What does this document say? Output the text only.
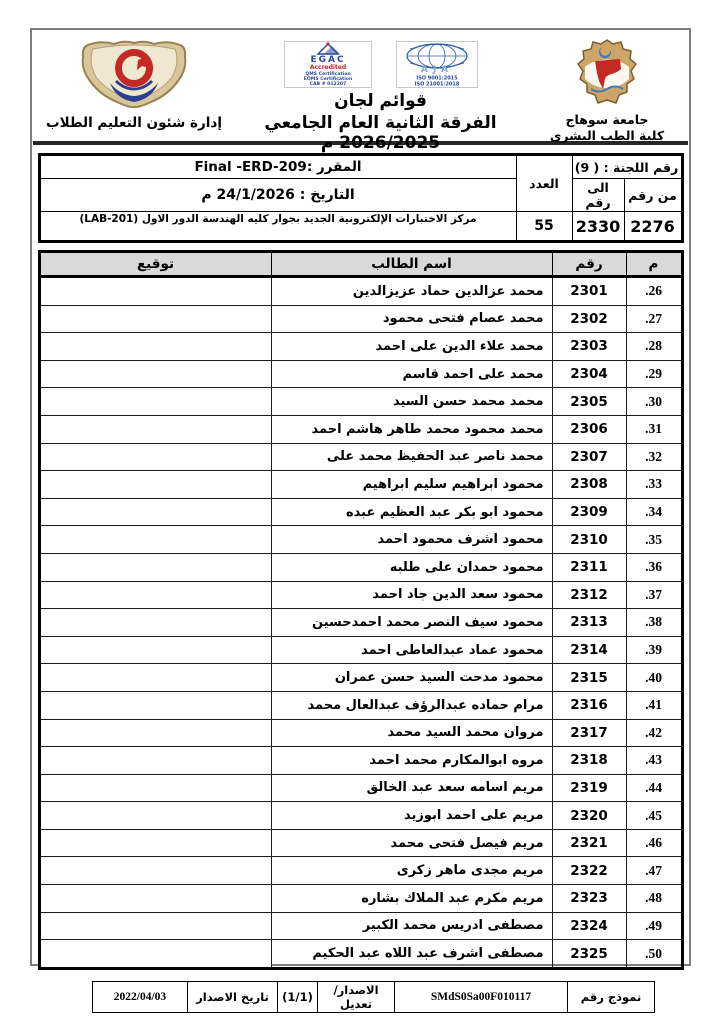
جامعة سوهاج
كلية الطب البشرى
EGAC
Accredited
QMS Certification
EOMS Certification
CAB # 012207
AJA
ISO 9001:2015
ISO 21001:2018
قوائم لجان
الفرقة الثانية العام الجامعي 2026/2025 م
إدارة شئون التعليم الطلاب
رقم اللجنة : ( 9)		العدد	المقرر :Final -ERD-209
من رقم	الى رقم		التاريخ : 24/1/2026 م
2276	2330	55	مركز الاختبارات الإلكترونية الجديد بجوار كليه الهندسة الدور الاول (LAB-201)
م	رقم	اسم الطالب	توقيع
26.	2301	محمد عزالدين حماد عزيزالدين	
27.	2302	محمد عصام فتحى محمود	
28.	2303	محمد علاء الدين على احمد	
29.	2304	محمد على احمد قاسم	
30.	2305	محمد محمد حسن السيد	
31.	2306	محمد محمود محمد طاهر هاشم احمد	
32.	2307	محمد ناصر عبد الحفيظ محمد على	
33.	2308	محمود ابراهيم سليم ابراهيم	
34.	2309	محمود ابو بكر عبد العظيم عبده	
35.	2310	محمود اشرف محمود احمد	
36.	2311	محمود حمدان على طلبه	
37.	2312	محمود سعد الدين جاد احمد	
38.	2313	محمود سيف النصر محمد احمدحسين	
39.	2314	محمود عماد عبدالعاطى احمد	
40.	2315	محمود مدحت السيد حسن عمران	
41.	2316	مرام حماده عبدالرؤف عبدالعال محمد	
42.	2317	مروان محمد السيد محمد	
43.	2318	مروه ابوالمكارم محمد احمد	
44.	2319	مريم اسامه سعد عبد الخالق	
45.	2320	مريم على احمد ابوزيد	
46.	2321	مريم فيصل فتحى محمد	
47.	2322	مريم مجدى ماهر زكرى	
48.	2323	مريم مكرم عبد الملاك بشاره	
49.	2324	مصطفى ادريس محمد الكبير	
50.	2325	مصطفى اشرف عبد اللاه عبد الحكيم	
نموذج رقم	SMdS0Sa00F010117	الاصدار/تعديل	(1/1)	تاريخ الاصدار	2022/04/03
